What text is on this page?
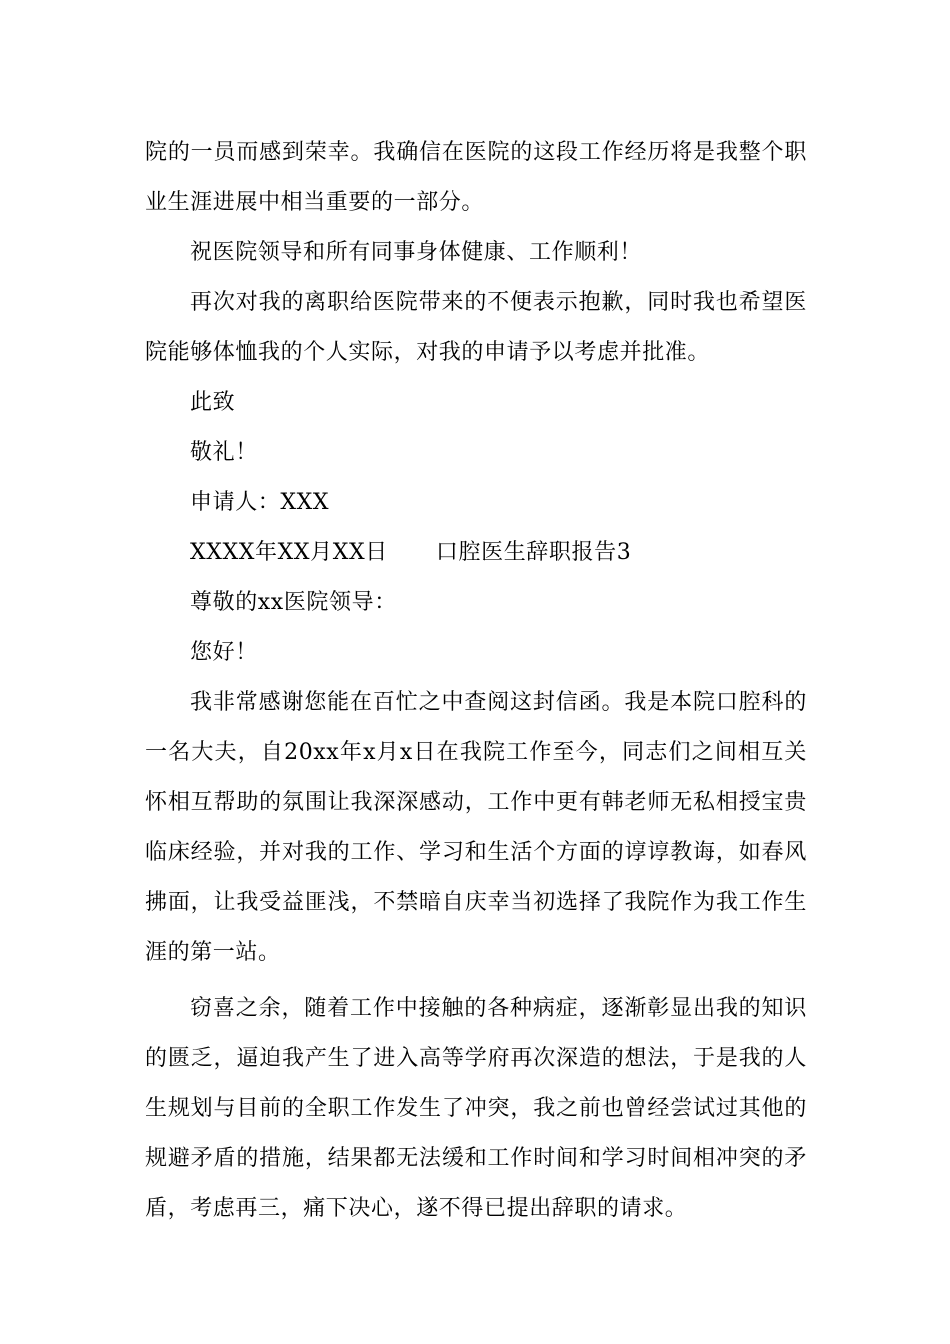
院的一员而感到荣幸。我确信在医院的这段工作经历将是我整个职业生涯进展中相当重要的一部分。

祝医院领导和所有同事身体健康、工作顺利！

再次对我的离职给医院带来的不便表示抱歉，同时我也希望医院能够体恤我的个人实际，对我的申请予以考虑并批准。

此致

敬礼！

申请人：XXX

XXXX年XX月XX日 口腔医生辞职报告3

尊敬的xx医院领导：

您好！

我非常感谢您能在百忙之中查阅这封信函。我是本院口腔科的一名大夫，自20xx年x月x日在我院工作至今，同志们之间相互关怀相互帮助的氛围让我深深感动，工作中更有韩老师无私相授宝贵临床经验，并对我的工作、学习和生活个方面的谆谆教诲，如春风拂面，让我受益匪浅，不禁暗自庆幸当初选择了我院作为我工作生涯的第一站。

窃喜之余，随着工作中接触的各种病症，逐渐彰显出我的知识的匮乏，逼迫我产生了进入高等学府再次深造的想法，于是我的人生规划与目前的全职工作发生了冲突，我之前也曾经尝试过其他的规避矛盾的措施，结果都无法缓和工作时间和学习时间相冲突的矛盾，考虑再三，痛下决心，遂不得已提出辞职的请求。
